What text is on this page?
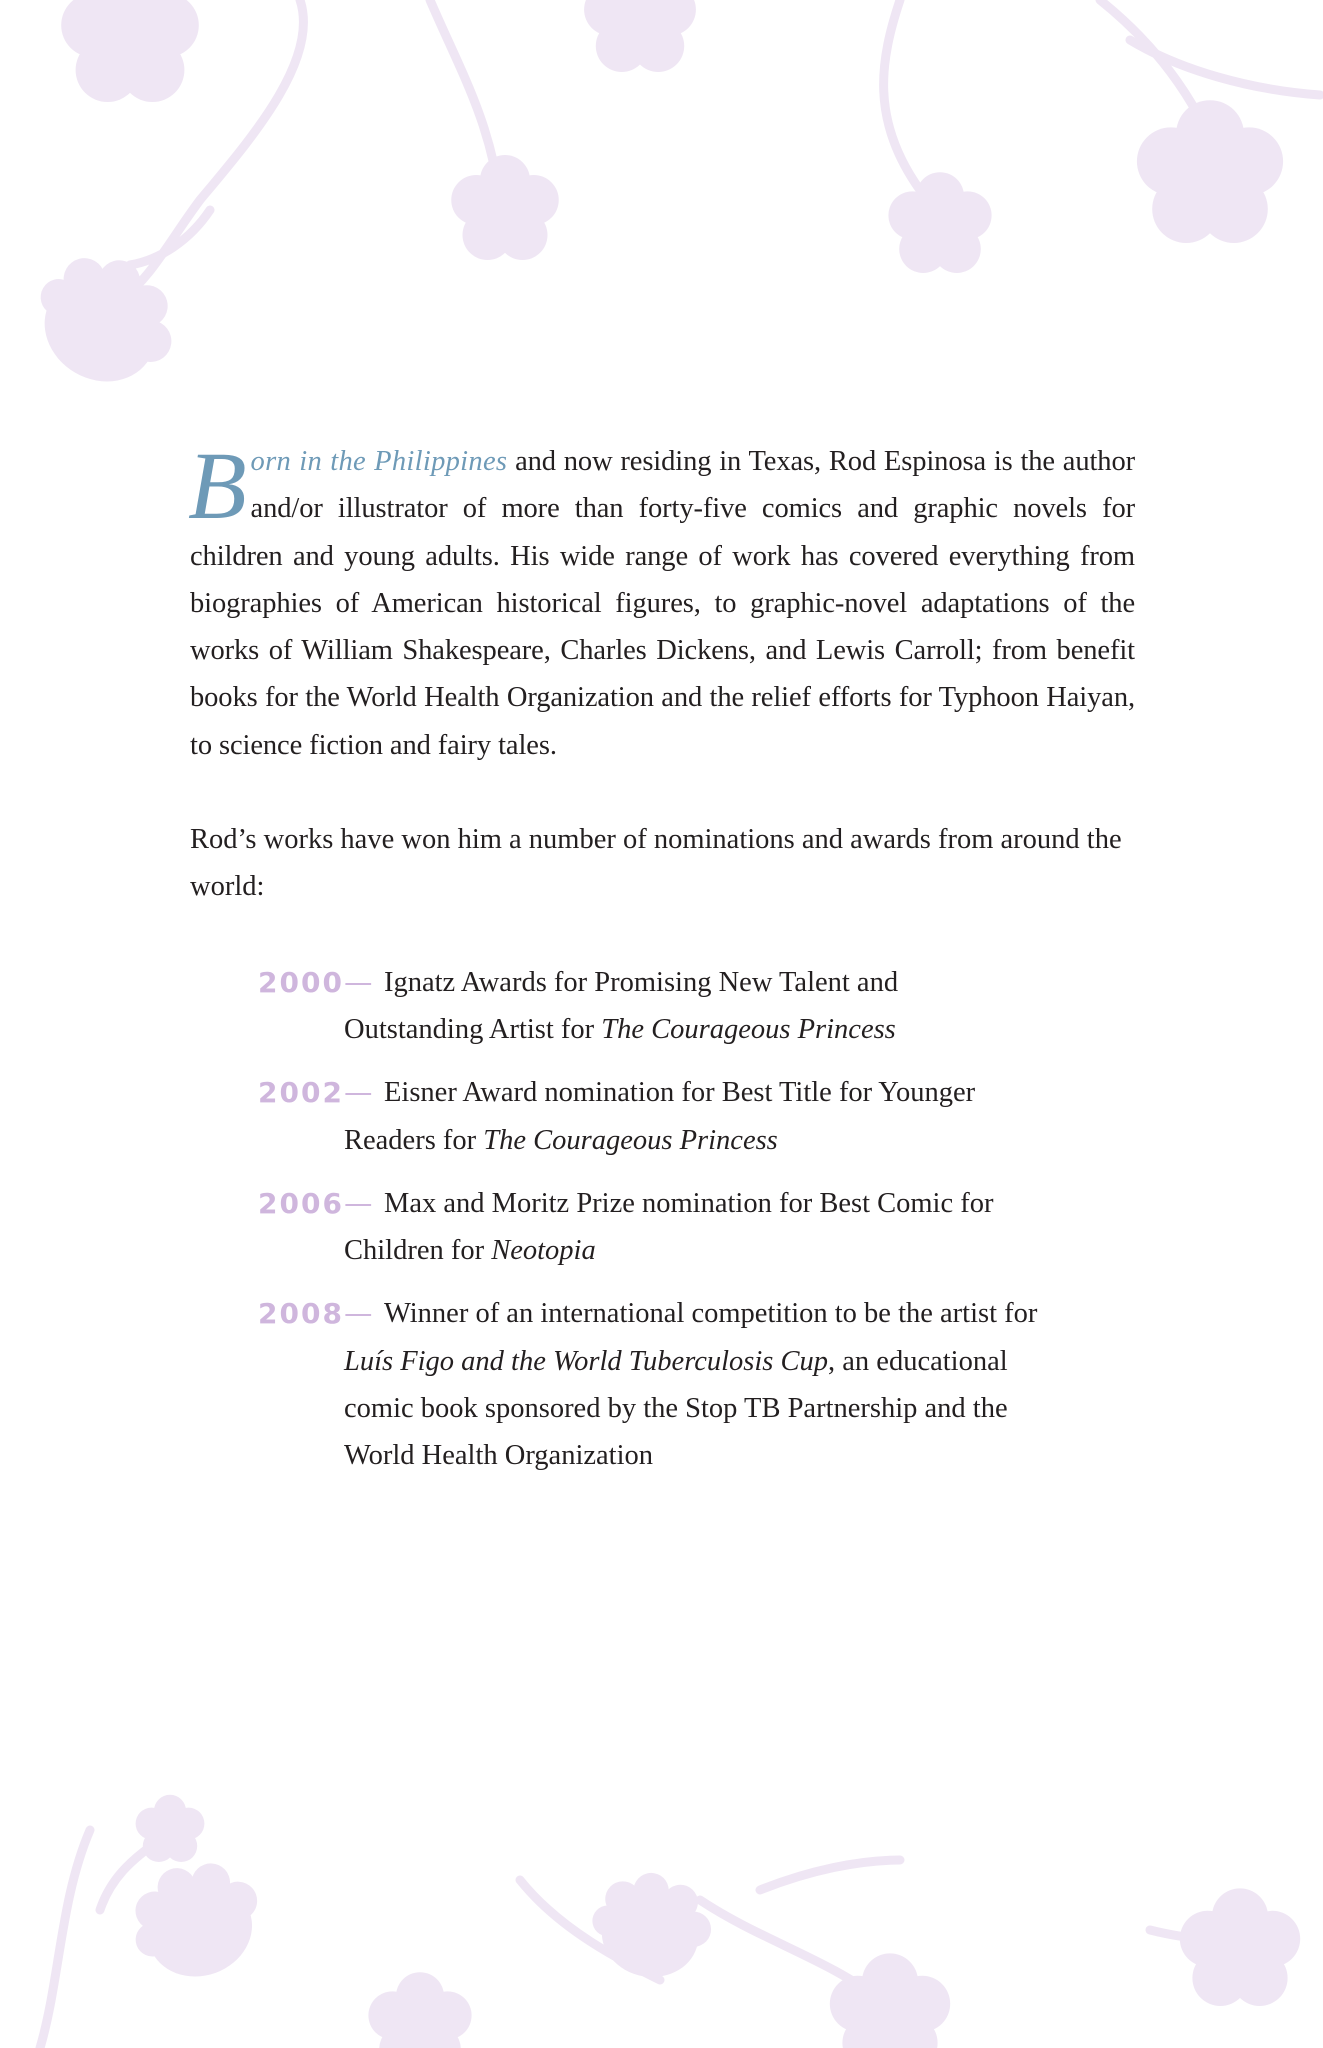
Born in the Philippines and now residing in Texas, Rod Espinosa is the author and/or illustrator of more than forty-five comics and graphic novels for children and young adults. His wide range of work has covered everything from biographies of American historical figures, to graphic-novel adaptations of the works of William Shakespeare, Charles Dickens, and Lewis Carroll; from benefit books for the World Health Organization and the relief efforts for Typhoon Haiyan, to science fiction and fairy tales.

Rod’s works have won him a number of nominations and awards from around the world:

2000— Ignatz Awards for Promising New Talent and Outstanding Artist for The Courageous Princess
2002— Eisner Award nomination for Best Title for Younger Readers for The Courageous Princess
2006— Max and Moritz Prize nomination for Best Comic for Children for Neotopia
2008— Winner of an international competition to be the artist for Luís Figo and the World Tuberculosis Cup, an educational comic book sponsored by the Stop TB Partnership and the World Health Organization
